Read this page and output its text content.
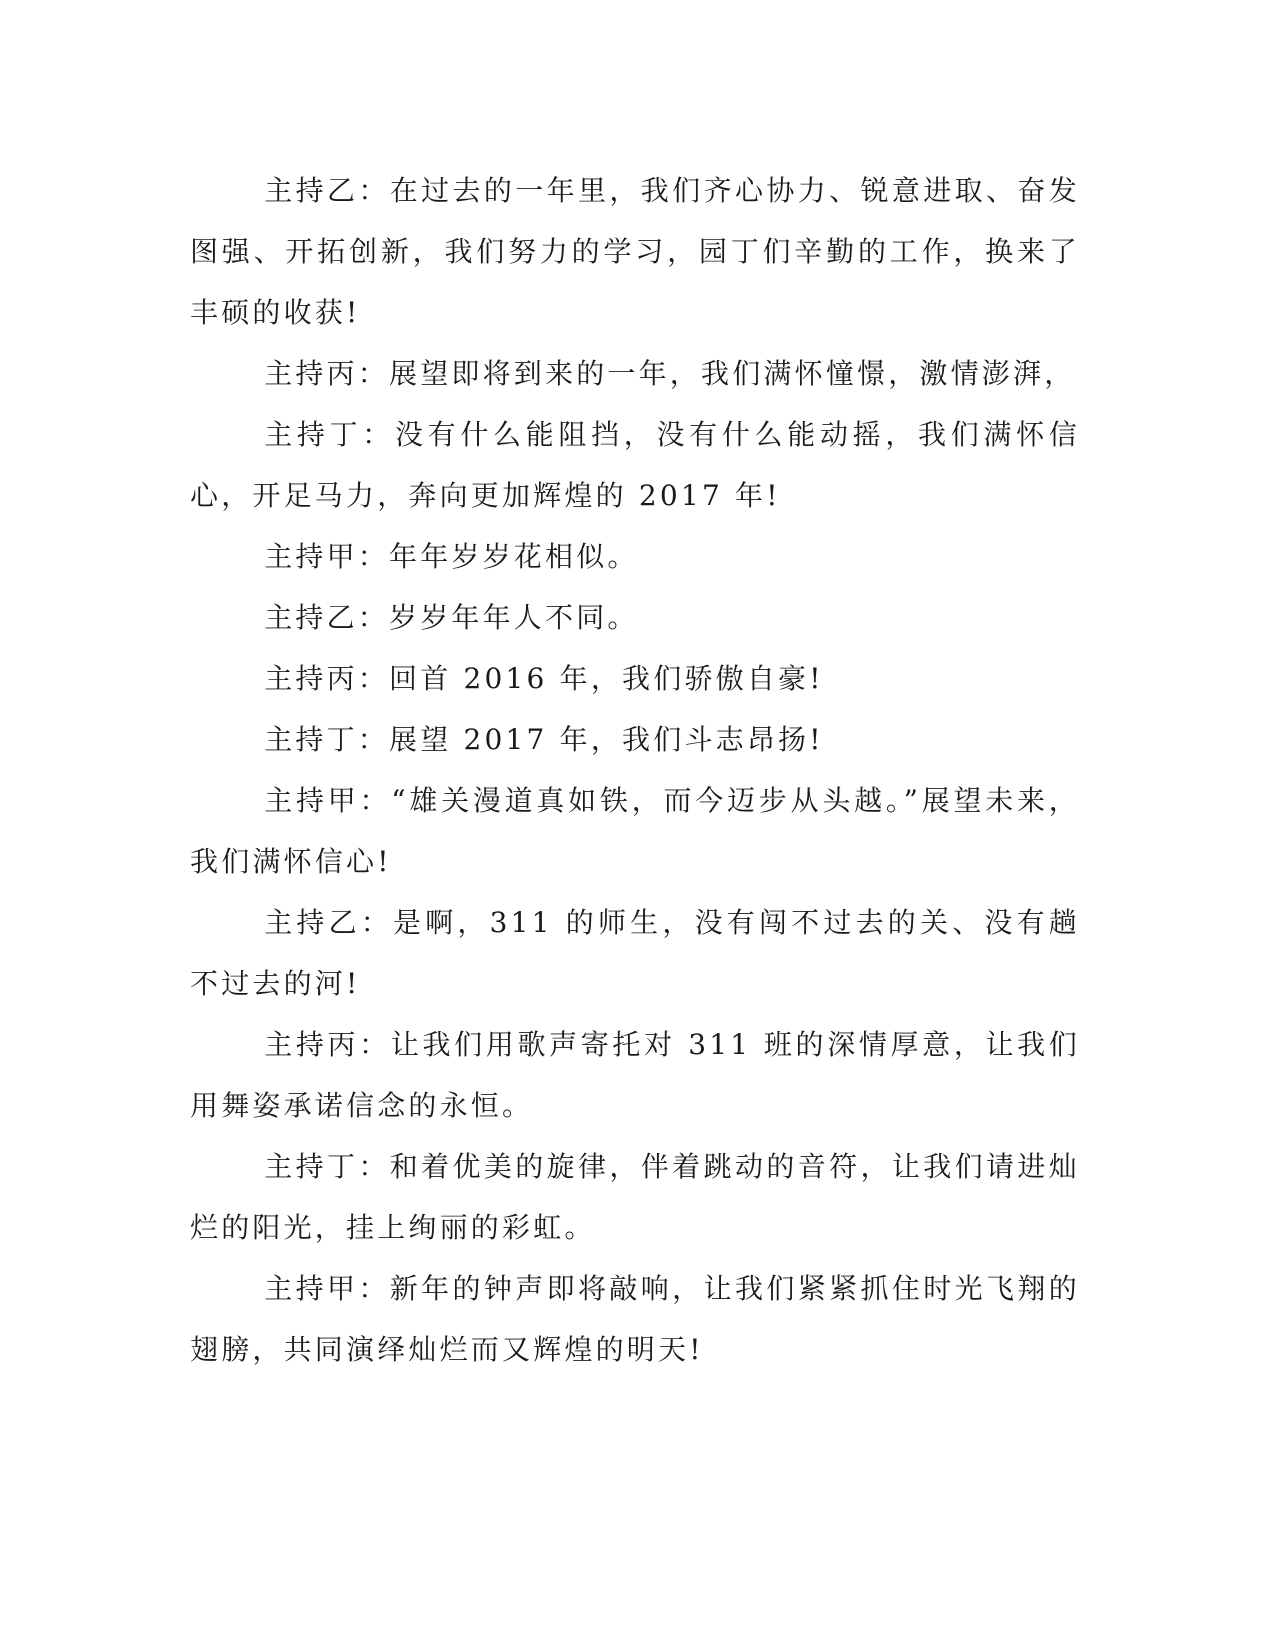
主持乙：在过去的一年里，我们齐心协力、锐意进取、奋发图强、开拓创新，我们努力的学习，园丁们辛勤的工作，换来了丰硕的收获!

主持丙：展望即将到来的一年，我们满怀憧憬，激情澎湃，

主持丁：没有什么能阻挡，没有什么能动摇，我们满怀信心，开足马力，奔向更加辉煌的 2017 年!

主持甲：年年岁岁花相似。

主持乙：岁岁年年人不同。

主持丙：回首 2016 年，我们骄傲自豪!

主持丁：展望 2017 年，我们斗志昂扬!

主持甲：“雄关漫道真如铁，而今迈步从头越。”展望未来，我们满怀信心!

主持乙：是啊，311 的师生，没有闯不过去的关、没有趟不过去的河!

主持丙：让我们用歌声寄托对 311 班的深情厚意，让我们用舞姿承诺信念的永恒。

主持丁：和着优美的旋律，伴着跳动的音符，让我们请进灿烂的阳光，挂上绚丽的彩虹。

主持甲：新年的钟声即将敲响，让我们紧紧抓住时光飞翔的翅膀，共同演绎灿烂而又辉煌的明天!
